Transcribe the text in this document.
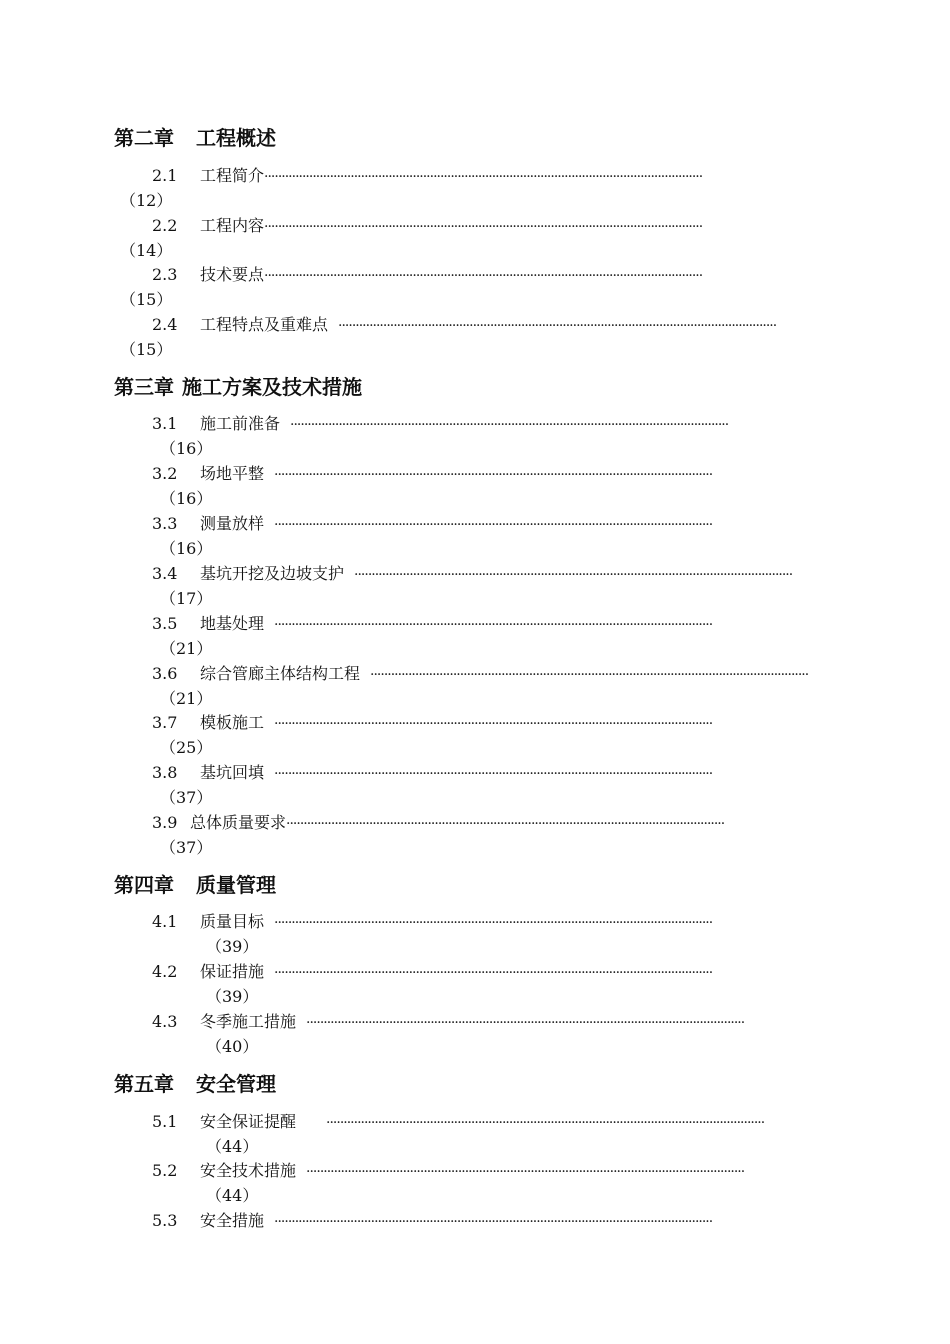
第二章 工程概述
2.1	工程简介 ·······························································································································
（12）
2.2	工程内容 ·······························································································································
（14）
2.3	技术要点 ·······························································································································
（15）
2.4	工程特点及重难点 ·······························································································································
（15）
第三章 施工方案及技术措施
3.1	施工前准备 ·······························································································································
（16）
3.2	场地平整 ·······························································································································
（16）
3.3	测量放样 ·······························································································································
（16）
3.4	基坑开挖及边坡支护 ·······························································································································
（17）
3.5	地基处理 ·······························································································································
（21）
3.6	综合管廊主体结构工程 ·······························································································································
（21）
3.7	模板施工 ·······························································································································
（25）
3.8	基坑回填 ·······························································································································
（37）
3.9 总体质量要求 ·······························································································································
（37）
第四章 质量管理
4.1	质量目标 ·······························································································································
（39）
4.2	保证措施 ·······························································································································
（39）
4.3	冬季施工措施 ·······························································································································
（40）
第五章 安全管理
5.1	安全保证提醒 ·······························································································································
（44）
5.2	安全技术措施 ·······························································································································
（44）
5.3	安全措施 ·······························································································································
